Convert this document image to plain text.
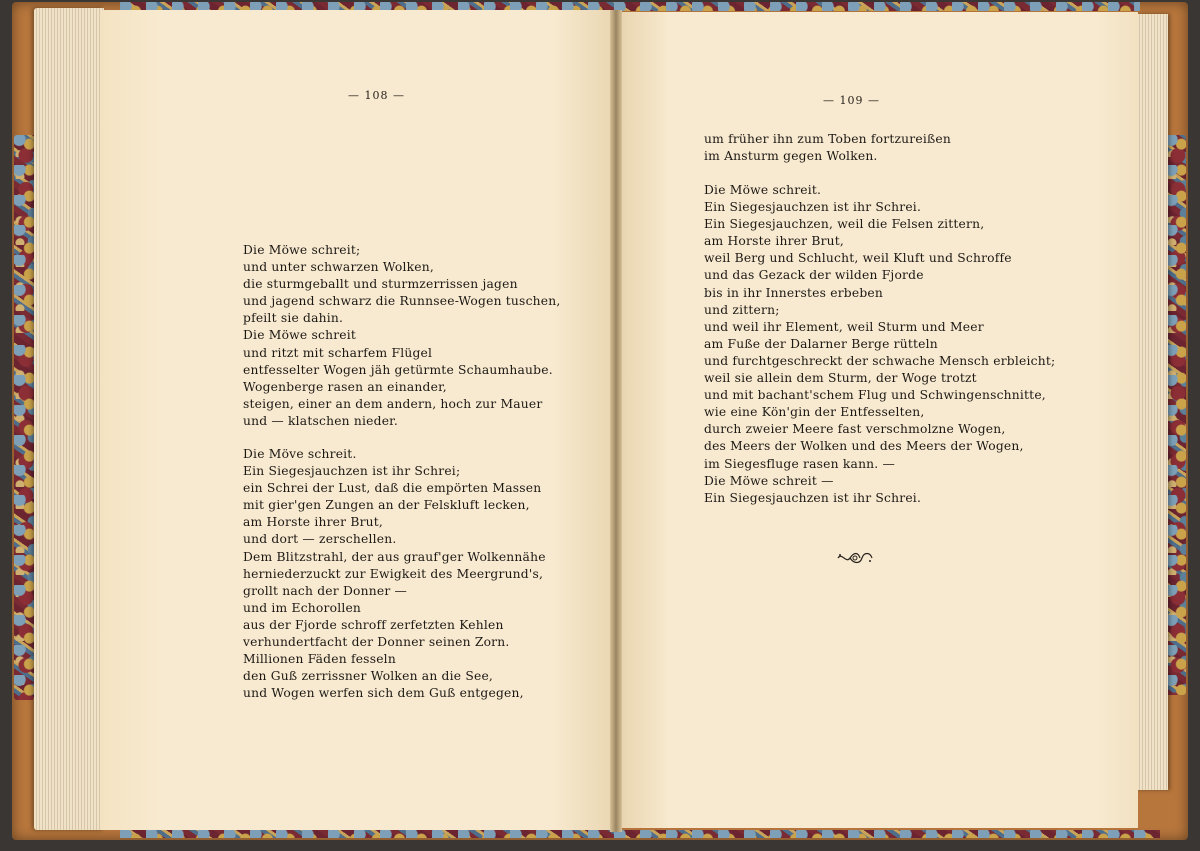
— 108 —	— 109 —
Die Möwe schreit;
und unter schwarzen Wolken,
die sturmgeballt und sturmzerrissen jagen
und jagend schwarz die Runnsee-Wogen tuschen,
pfeilt sie dahin.
Die Möwe schreit
und ritzt mit scharfem Flügel
entfesselter Wogen jäh getürmte Schaumhaube.
Wogenberge rasen an einander,
steigen, einer an dem andern, hoch zur Mauer
und — klatschen nieder.
Die Möve schreit.
Ein Siegesjauchzen ist ihr Schrei;
ein Schrei der Lust, daß die empörten Massen
mit gier'gen Zungen an der Felskluft lecken,
am Horste ihrer Brut,
und dort — zerschellen.
Dem Blitzstrahl, der aus grauf'ger Wolkennähe
herniederzuckt zur Ewigkeit des Meergrund's,
grollt nach der Donner —
und im Echorollen
aus der Fjorde schroff zerfetzten Kehlen
verhundertfacht der Donner seinen Zorn.
Millionen Fäden fesseln
den Guß zerrissner Wolken an die See,
und Wogen werfen sich dem Guß entgegen,
um früher ihn zum Toben fortzureißen
im Ansturm gegen Wolken.
Die Möwe schreit.
Ein Siegesjauchzen ist ihr Schrei.
Ein Siegesjauchzen, weil die Felsen zittern,
am Horste ihrer Brut,
weil Berg und Schlucht, weil Kluft und Schroffe
und das Gezack der wilden Fjorde
bis in ihr Innerstes erbeben
und zittern;
und weil ihr Element, weil Sturm und Meer
am Fuße der Dalarner Berge rütteln
und furchtgeschreckt der schwache Mensch erbleicht;
weil sie allein dem Sturm, der Woge trotzt
und mit bachant'schem Flug und Schwingenschnitte,
wie eine Kön'gin der Entfesselten,
durch zweier Meere fast verschmolzne Wogen,
des Meers der Wolken und des Meers der Wogen,
im Siegesfluge rasen kann. —
Die Möwe schreit —
Ein Siegesjauchzen ist ihr Schrei.
